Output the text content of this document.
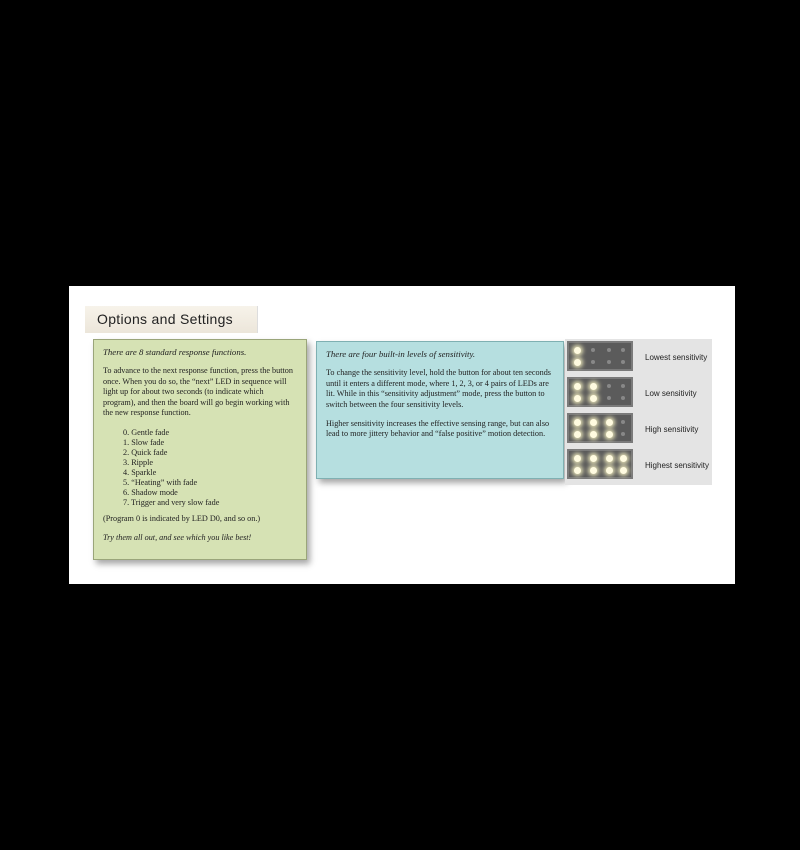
Options and Settings

There are 8 standard response functions.

To advance to the next response function, press the button once. When you do so, the “next” LED in sequence will light up for about two seconds (to indicate which program), and then the board will go begin working with the new response function.

0. Gentle fade
1. Slow fade
2. Quick fade
3. Ripple
4. Sparkle
5. “Heating” with fade
6. Shadow mode
7. Trigger and very slow fade

(Program 0 is indicated by LED D0, and so on.)

Try them all out, and see which you like best!

There are four built-in levels of sensitivity.

To change the sensitivity level, hold the button for about ten seconds until it enters a different mode, where 1, 2, 3, or 4 pairs of LEDs are lit. While in this “sensitivity adjustment” mode, press the button to switch between the four sensitivity levels.

Higher sensitivity increases the effective sensing range, but can also lead to more jittery behavior and “false positive” motion detection.

Lowest sensitivity
Low sensitivity
High sensitivity
Highest sensitivity
